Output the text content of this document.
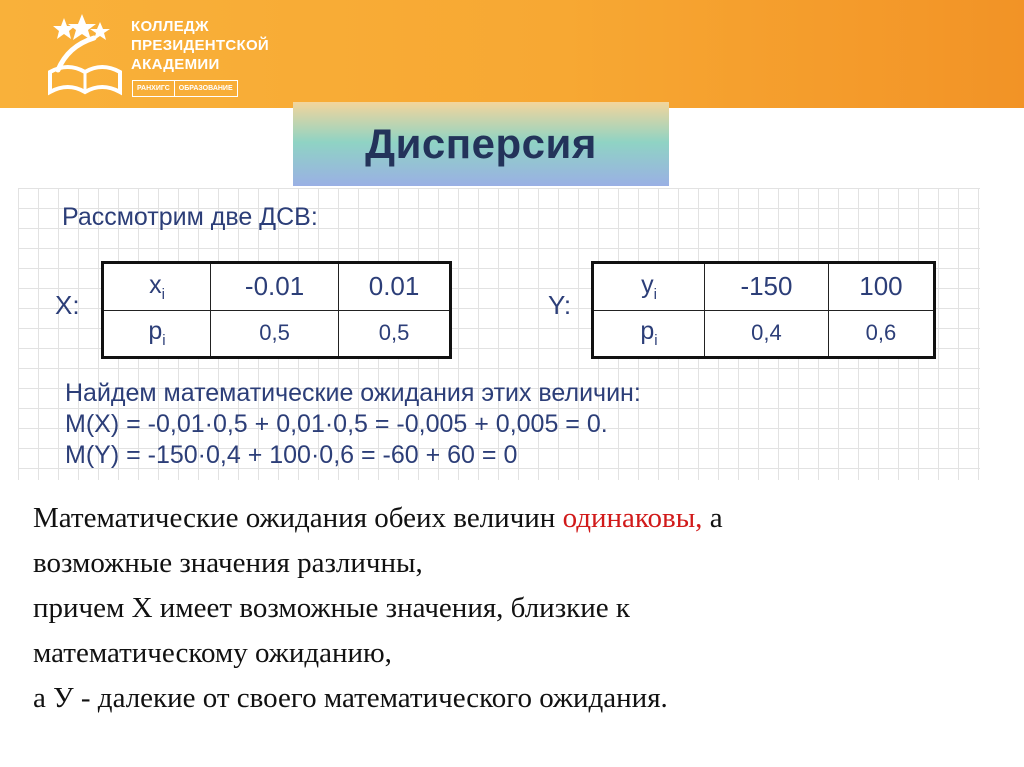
КОЛЛЕДЖ
ПРЕЗИДЕНТСКОЙ
АКАДЕМИИ
РАНХИГС	ОБРАЗОВАНИЕ
Дисперсия
Рассмотрим две ДСВ:
X:
$x_i$	-0.01	0.01
$p_i$	0,5	0,5
Y:
$y_i$	-150	100
$p_i$	0,4	0,6
Найдем математические ожидания этих величин:
M(X) = -0,01·0,5 + 0,01·0,5 = -0,005 + 0,005 = 0.
M(Y) = -150·0,4 + 100·0,6 = -60 + 60 = 0
Математические ожидания обеих величин одинаковы, а
возможные значения различны,
причем X имеет возможные значения, близкие к
математическому ожиданию,
а У - далекие от своего математического ожидания.
